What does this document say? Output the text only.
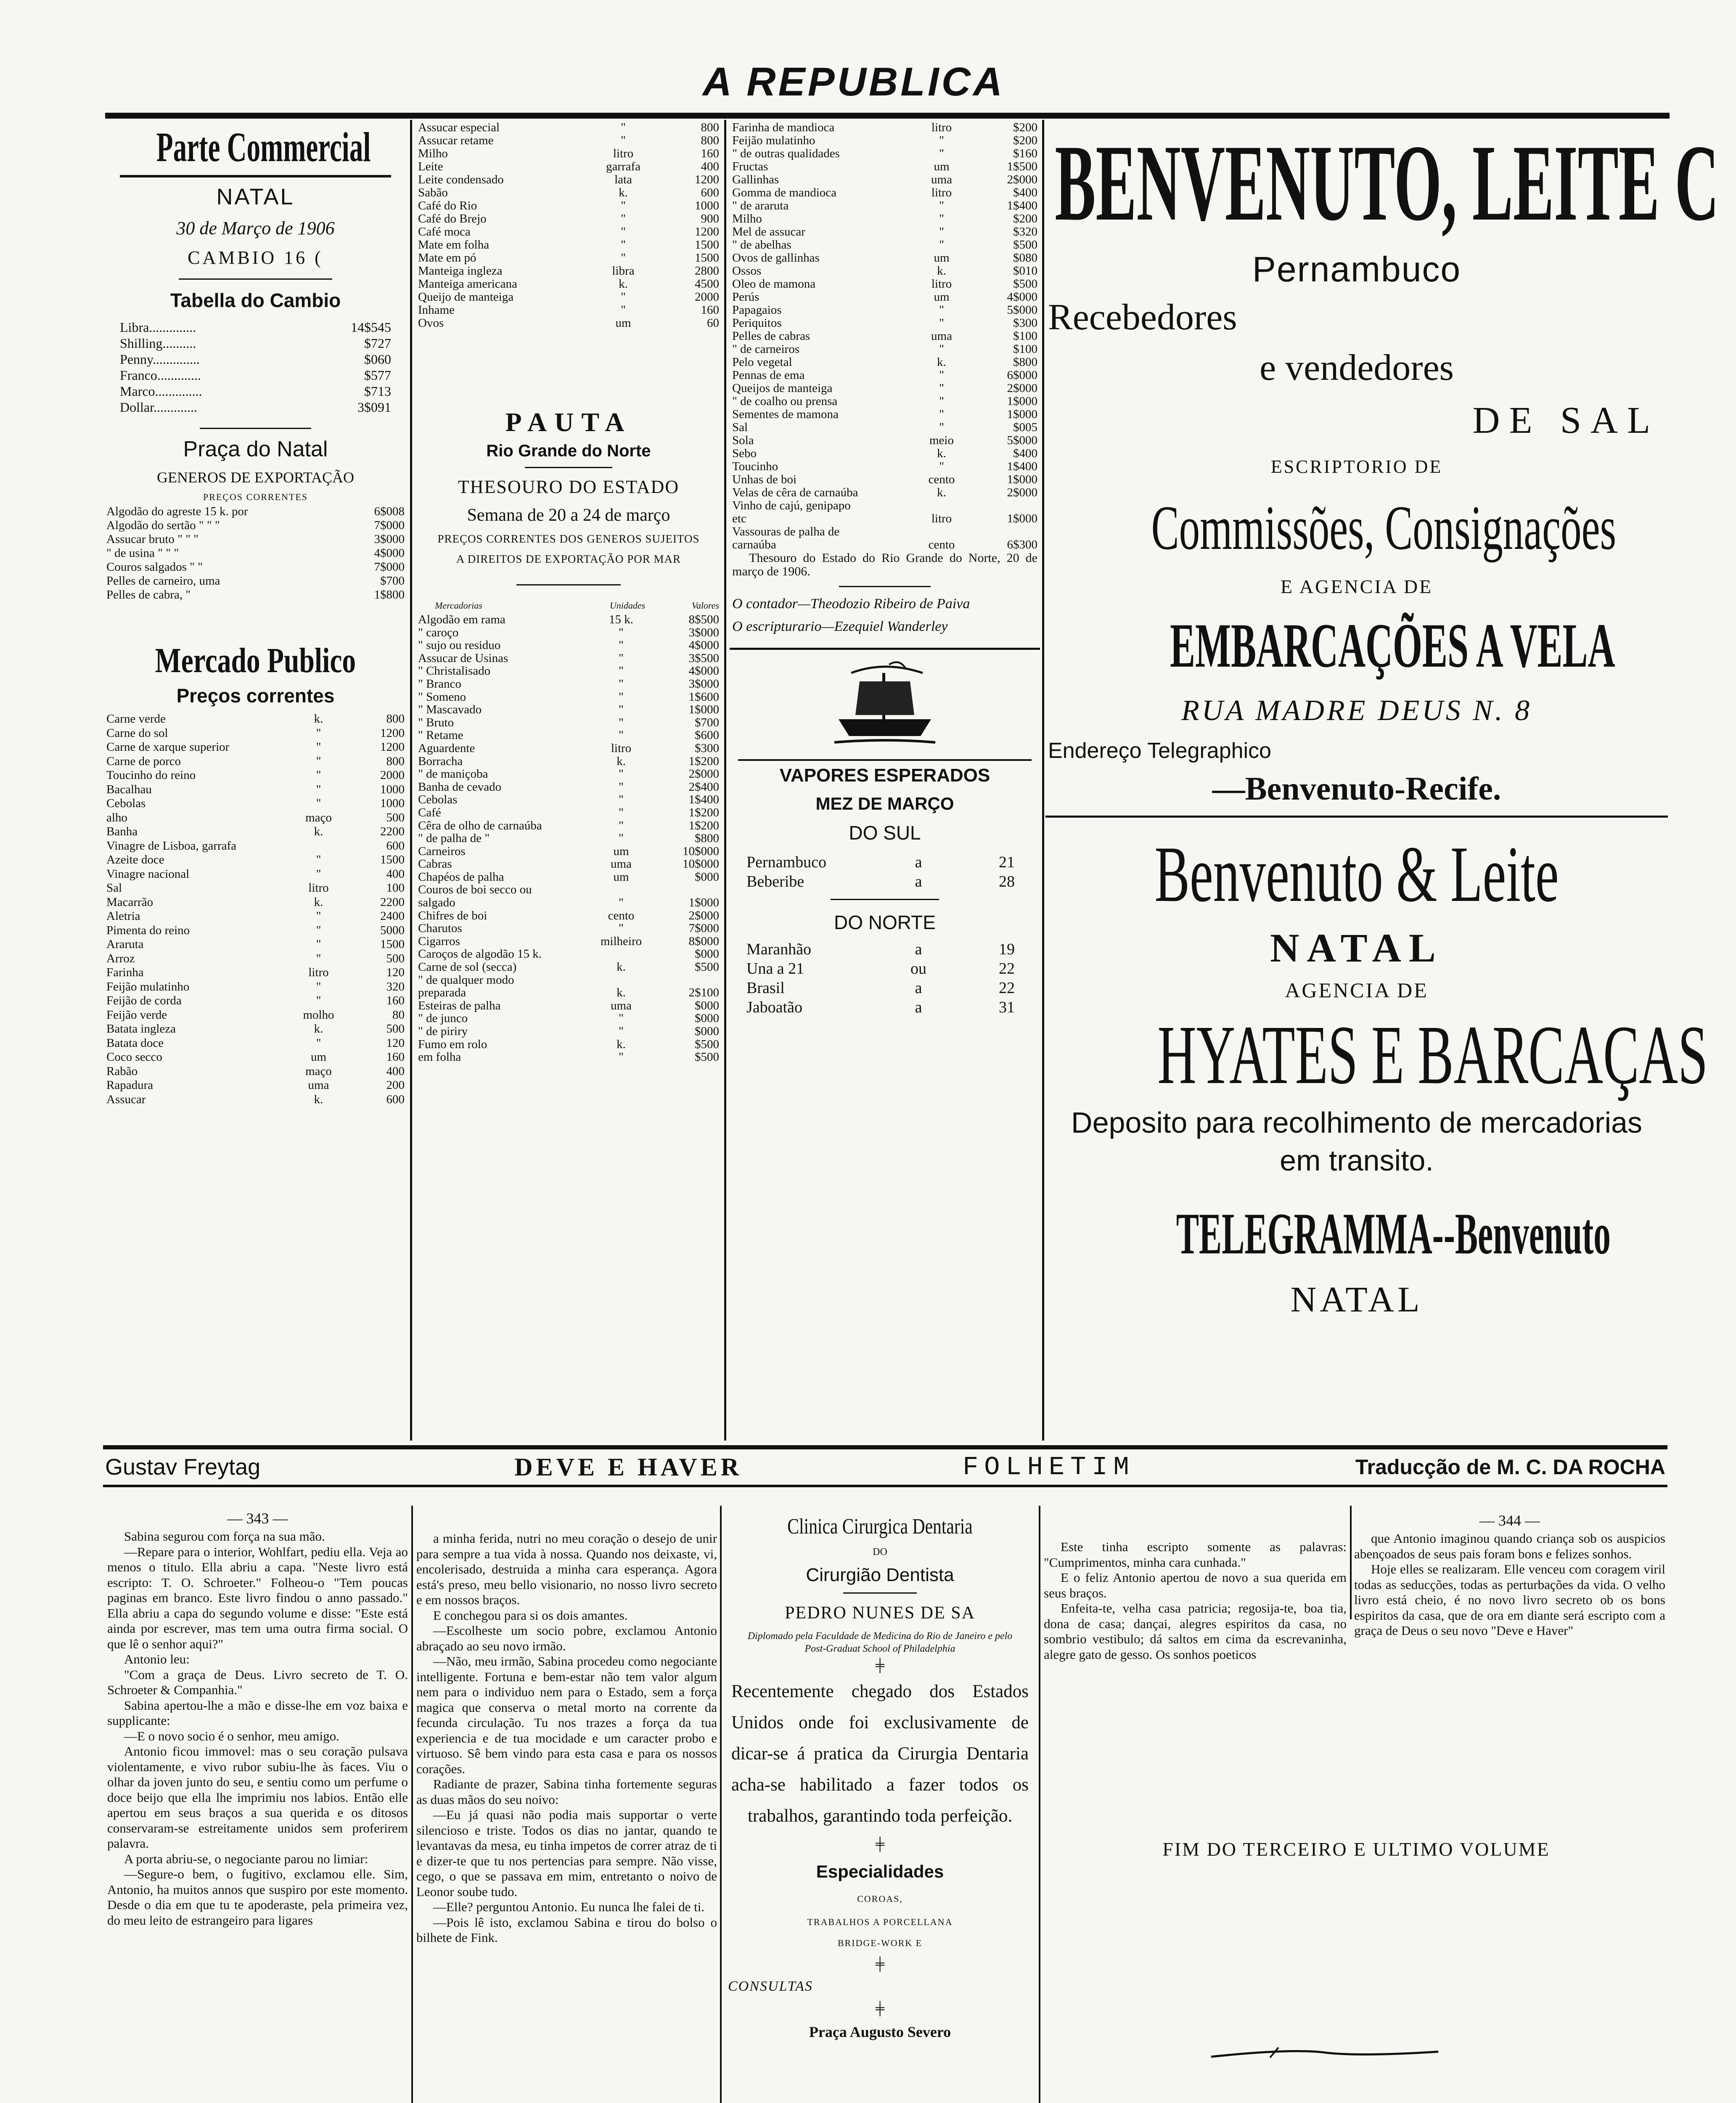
A REPUBLICA
Parte Commercial
NATAL
30 de Março de 1906
CAMBIO 16 (
Tabella do Cambio
Libra..............	14$545
Shilling..........	$727
Penny..............	$060
Franco.............	$577
Marco..............	$713
Dollar.............	3$091
Praça do Natal
GENEROS DE EXPORTAÇÃO
PREÇOS CORRENTES
Algodão do agreste 15 k. por	6$008
Algodão do sertão " " "	7$000
Assucar bruto " " "	3$000
" de usina " " "	4$000
Couros salgados " "	7$000
Pelles de carneiro, uma	$700
Pelles de cabra, "	1$800
Mercado Publico
Preços correntes
Carne verde	k.	800
Carne do sol	"	1200
Carne de xarque superior	"	1200
Carne de porco	"	800
Toucinho do reino	"	2000
Bacalhau	"	1000
Cebolas	"	1000
alho	maço	500
Banha	k.	2200
Vinagre de Lisboa, garrafa	600
Azeite doce	"	1500
Vinagre nacional	"	400
Sal	litro	100
Macarrão	k.	2200
Aletria	"	2400
Pimenta do reino	"	5000
Araruta	"	1500
Arroz	"	500
Farinha	litro	120
Feijão mulatinho	"	320
Feijão de corda	"	160
Feijão verde	molho	80
Batata ingleza	k.	500
Batata doce	"	120
Coco secco	um	160
Rabão	maço	400
Rapadura	uma	200
Assucar	k.	600
Assucar especial	"	800
Assucar retame	"	800
Milho	litro	160
Leite	garrafa	400
Leite condensado	lata	1200
Sabão	k.	600
Café do Rio	"	1000
Café do Brejo	"	900
Café moca	"	1200
Mate em folha	"	1500
Mate em pó	"	1500
Manteiga ingleza	libra	2800
Manteiga americana	k.	4500
Queijo de manteiga	"	2000
Inhame	"	160
Ovos	um	60
PAUTA
Rio Grande do Norte
THESOURO DO ESTADO
Semana de 20 a 24 de março
PREÇOS CORRENTES DOS GENEROS SUJEITOS A DIREITOS DE EXPORTAÇÃO POR MAR
Mercadorias	Unidades	Valores
Algodão em rama	15 k.	8$500
" caroço	"	3$000
" sujo ou residuo	"	4$000
Assucar de Usinas	"	3$500
" Christalisado	"	4$000
" Branco	"	3$000
" Someno	"	1$600
" Mascavado	"	1$000
" Bruto	"	$700
" Retame	"	$600
Aguardente	litro	$300
Borracha	k.	1$200
" de maniçoba	"	2$000
Banha de cevado	"	2$400
Cebolas	"	1$400
Café	"	1$200
Cêra de olho de carnaúba	"	1$200
" de palha de "	"	$800
Carneiros	um	10$000
Cabras	uma	10$000
Chapéos de palha	um	$000
Couros de boi secco ou
salgado	"	1$000
Chifres de boi	cento	2$000
Charutos	"	7$000
Cigarros	milheiro	8$000
Caroços de algodão 15 k.	$000
Carne de sol (secca)	k.	$500
" de qualquer modo
preparada	k.	2$100
Esteiras de palha	uma	$000
" de junco	"	$000
" de piriry	"	$000
Fumo em rolo	k.	$500
em folha	"	$500
Farinha de mandioca	litro	$200
Feijão mulatinho	"	$200
" de outras qualidades	"	$160
Fructas	um	1$500
Gallinhas	uma	2$000
Gomma de mandioca	litro	$400
" de araruta	"	1$400
Milho	"	$200
Mel de assucar	"	$320
" de abelhas	"	$500
Ovos de gallinhas	um	$080
Ossos	k.	$010
Oleo de mamona	litro	$500
Perús	um	4$000
Papagaios	"	5$000
Periquitos	"	$300
Pelles de cabras	uma	$100
" de carneiros	"	$100
Pelo vegetal	k.	$800
Pennas de ema	"	6$000
Queijos de manteiga	"	2$000
" de coalho ou prensa	"	1$000
Sementes de mamona	"	1$000
Sal	"	$005
Sola	meio	5$000
Sebo	k.	$400
Toucinho	"	1$400
Unhas de boi	cento	1$000
Velas de cêra de carnaúba	k.	2$000
Vinho de cajú, genipapo
etc	litro	1$000
Vassouras de palha de
carnaúba	cento	6$300
Thesouro do Estado do Rio Grande do Norte, 20 de março de 1906.
O contador—Theodozio Ribeiro de Paiva
O escripturario—Ezequiel Wanderley
VAPORES ESPERADOS
MEZ DE MARÇO
DO SUL
Pernambuco	a	21
Beberibe	a	28
DO NORTE
Maranhão	a	19
Una a 21	ou	22
Brasil	a	22
Jaboatão	a	31
BENVENUTO, LEITE C
Pernambuco
Recebedores
e vendedores
DE SAL
ESCRIPTORIO DE
Commissões, Consignações
E AGENCIA DE
EMBARCAÇÕES A VELA
RUA MADRE DEUS N. 8
Endereço Telegraphico
—Benvenuto-Recife.
Benvenuto & Leite
NATAL
AGENCIA DE
HYATES E BARCAÇAS
Deposito para recolhimento de mercadorias em transito.
TELEGRAMMA--Benvenuto
NATAL
Gustav Freytag	DEVE E HAVER	FOLHETIM	Traducção de M. C. DA ROCHA
— 343 —

Sabina segurou com força na sua mão.

—Repare para o interior, Wohlfart, pediu ella. Veja ao menos o titulo. Ella abriu a capa. "Neste livro está escripto: T. O. Schroeter." Folheou-o "Tem poucas paginas em branco. Este livro findou o anno passado." Ella abriu a capa do segundo volume e disse: "Este está ainda por escrever, mas tem uma outra firma social. O que lê o senhor aqui?"

Antonio leu:

"Com a graça de Deus. Livro secreto de T. O. Schroeter & Companhia."

Sabina apertou-lhe a mão e disse-lhe em voz baixa e supplicante:

—E o novo socio é o senhor, meu amigo.

Antonio ficou immovel: mas o seu coração pulsava violentamente, e vivo rubor subiu-lhe às faces. Viu o olhar da joven junto do seu, e sentiu como um perfume o doce beijo que ella lhe imprimiu nos labios. Então elle apertou em seus braços a sua querida e os ditosos conservaram-se estreitamente unidos sem proferirem palavra.

A porta abriu-se, o negociante parou no limiar:

—Segure-o bem, o fugitivo, exclamou elle. Sim, Antonio, ha muitos annos que suspiro por este momento. Desde o dia em que tu te apoderaste, pela primeira vez, do meu leito de estrangeiro para ligares

a minha ferida, nutri no meu coração o desejo de unir para sempre a tua vida à nossa. Quando nos deixaste, vi, encolerisado, destruida a minha cara esperança. Agora está's preso, meu bello visionario, no nosso livro secreto e em nossos braços.

E conchegou para si os dois amantes.

—Escolheste um socio pobre, exclamou Antonio abraçado ao seu novo irmão.

—Não, meu irmão, Sabina procedeu como negociante intelligente. Fortuna e bem-estar não tem valor algum nem para o individuo nem para o Estado, sem a força magica que conserva o metal morto na corrente da fecunda circulação. Tu nos trazes a força da tua experiencia e de tua mocidade e um caracter probo e virtuoso. Sê bem vindo para esta casa e para os nossos corações.

Radiante de prazer, Sabina tinha fortemente seguras as duas mãos do seu noivo:

—Eu já quasi não podia mais supportar o verte silencioso e triste. Todos os dias no jantar, quando te levantavas da mesa, eu tinha impetos de correr atraz de ti e dizer-te que tu nos pertencias para sempre. Não visse, cego, o que se passava em mim, entretanto o noivo de Leonor soube tudo.

—Elle? perguntou Antonio. Eu nunca lhe falei de ti.

—Pois lê isto, exclamou Sabina e tirou do bolso o bilhete de Fink.

Clinica Cirurgica Dentaria
DO
Cirurgião Dentista
PEDRO NUNES DE SA
Diplomado pela Faculdade de Medicina do Rio de Janeiro e pelo Post-Graduat School of Philadelphia
╪
Recentemente chegado dos Estados Unidos onde foi exclusivamente de dicar-se á pratica da Cirurgia Dentaria acha-se habilitado a fazer todos os trabalhos, garantindo toda perfeição.
╪
Especialidades
COROAS,
TRABALHOS A PORCELLANA
BRIDGE-WORK E
╪
CONSULTAS
╪
Praça Augusto Severo

Este tinha escripto somente as palavras: "Cumprimentos, minha cara cunhada."

E o feliz Antonio apertou de novo a sua querida em seus braços.

Enfeita-te, velha casa patricia; regosija-te, boa tia, dona de casa; dançai, alegres espiritos da casa, no sombrio vestibulo; dá saltos em cima da escrevaninha, alegre gato de gesso. Os sonhos poeticos

— 344 —

que Antonio imaginou quando criança sob os auspicios abençoados de seus pais foram bons e felizes sonhos.

Hoje elles se realizaram. Elle venceu com coragem viril todas as seducções, todas as perturbações da vida. O velho livro está cheio, é no novo livro secreto ob os bons espiritos da casa, que de ora em diante será escripto com a graça de Deus o seu novo "Deve e Haver"

FIM DO TERCEIRO E ULTIMO VOLUME
